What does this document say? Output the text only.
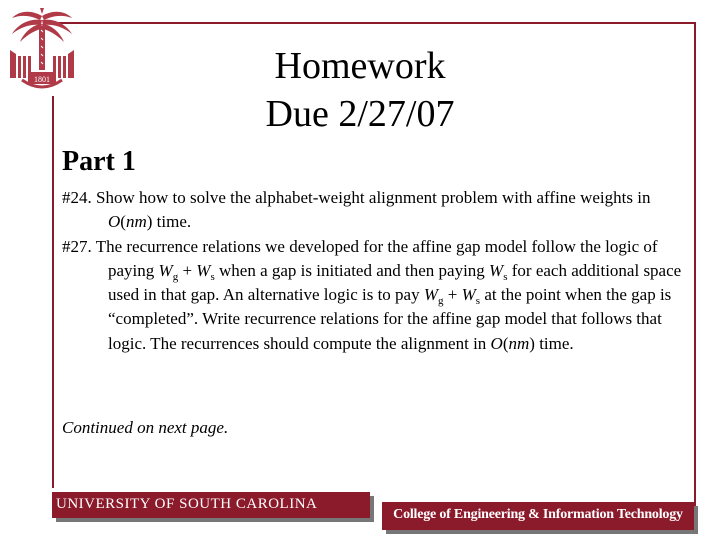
1801	Homework
Due 2/27/07
Part 1

#24. Show how to solve the alphabet-weight alignment problem with affine weights in O(nm) time.

#27. The recurrence relations we developed for the affine gap model follow the logic of paying $W_g + W_s$ when a gap is initiated and then paying $W_s$ for each additional space used in that gap. An alternative logic is to pay $W_g + W_s$ at the point when the gap is “completed”. Write recurrence relations for the affine gap model that follows that logic. The recurrences should compute the alignment in O(nm) time.

Continued on next page.
UNIVERSITY OF SOUTH CAROLINA
College of Engineering & Information Technology
